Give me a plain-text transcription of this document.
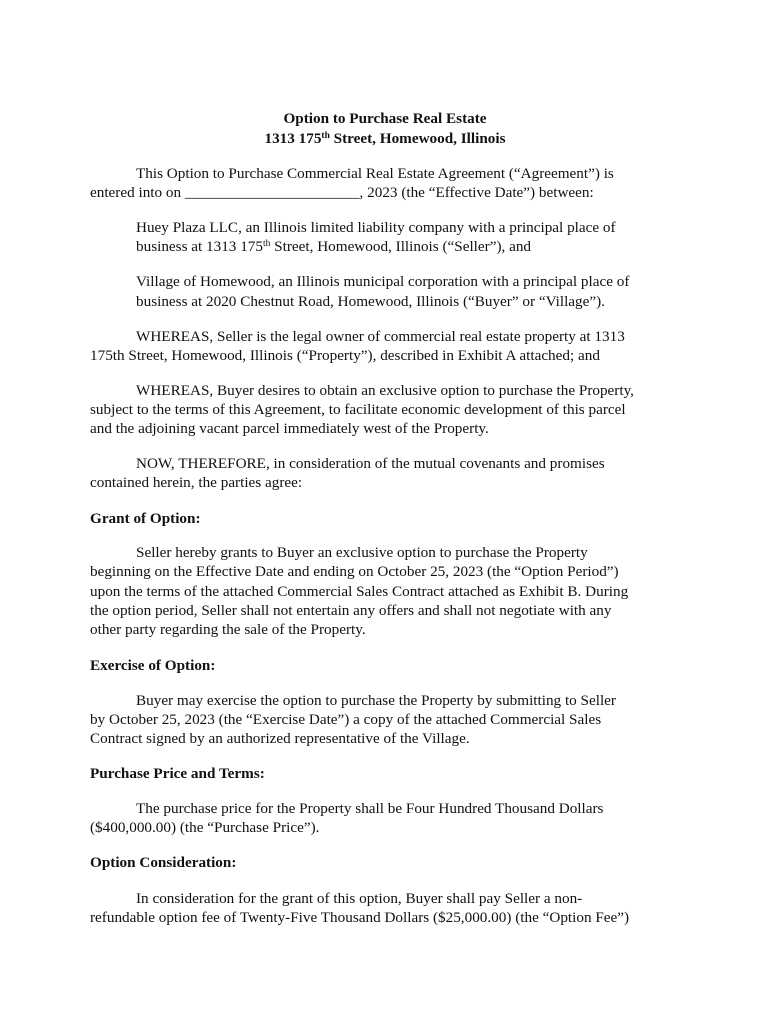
Option to Purchase Real Estate
1313 175th Street, Homewood, Illinois
This Option to Purchase Commercial Real Estate Agreement (“Agreement”) is
entered into on _______________________, 2023 (the “Effective Date”) between:
Huey Plaza LLC, an Illinois limited liability company with a principal place of
business at 1313 175th Street, Homewood, Illinois (“Seller”), and
Village of Homewood, an Illinois municipal corporation with a principal place of
business at 2020 Chestnut Road, Homewood, Illinois (“Buyer” or “Village”).
WHEREAS, Seller is the legal owner of commercial real estate property at 1313
175th Street, Homewood, Illinois (“Property”), described in Exhibit A attached; and
WHEREAS, Buyer desires to obtain an exclusive option to purchase the Property,
subject to the terms of this Agreement, to facilitate economic development of this parcel
and the adjoining vacant parcel immediately west of the Property.
NOW, THEREFORE, in consideration of the mutual covenants and promises
contained herein, the parties agree:
Grant of Option:
Seller hereby grants to Buyer an exclusive option to purchase the Property
beginning on the Effective Date and ending on October 25, 2023 (the “Option Period”)
upon the terms of the attached Commercial Sales Contract attached as Exhibit B. During
the option period, Seller shall not entertain any offers and shall not negotiate with any
other party regarding the sale of the Property.
Exercise of Option:
Buyer may exercise the option to purchase the Property by submitting to Seller
by October 25, 2023 (the “Exercise Date”) a copy of the attached Commercial Sales
Contract signed by an authorized representative of the Village.
Purchase Price and Terms:
The purchase price for the Property shall be Four Hundred Thousand Dollars
($400,000.00) (the “Purchase Price”).
Option Consideration:
In consideration for the grant of this option, Buyer shall pay Seller a non-
refundable option fee of Twenty-Five Thousand Dollars ($25,000.00) (the “Option Fee”)
